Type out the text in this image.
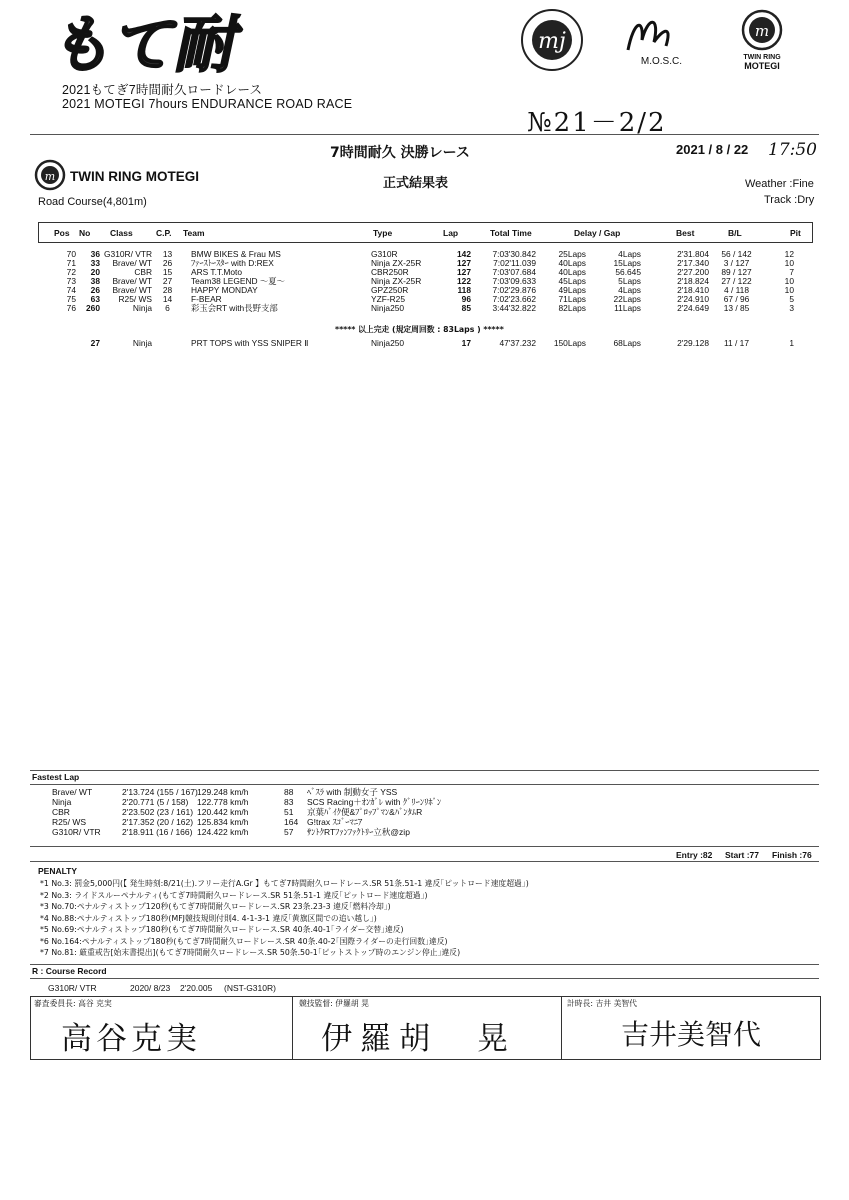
もて耐
2021もてぎ7時間耐久ロードレース
2021 MOTEGI 7hours ENDURANCE ROAD RACE
mj
M.O.S.C.
m
TWIN RING
MOTEGI
№21－2/2
7時間耐久 決勝レース	2021 / 8 / 22 17:50
m TWIN RING MOTEGI	正式結果表	Weather :Fine
Track :Dry
Road Course(4,801m)
Pos No Class	C.P. Team	Type	Lap	Total Time	Delay / Gap	Best	B/L	Pit
70	36	G310R/ VTR	13	BMW BIKES & Frau MS	G310R	142	7:03'30.842	25Laps	4Laps	2'31.804	56 / 142	12
71	33	Brave/ WT	26	ﾌｧｰｽﾄｰｽﾀｰ with D:REX	Ninja ZX-25R	127	7:02'11.039	40Laps	15Laps	2'17.340	3 / 127	10
72	20	CBR	15	ARS T.T.Moto	CBR250R	127	7:03'07.684	40Laps	56.645	2'27.200	89 / 127	7
73	38	Brave/ WT	27	Team38 LEGEND ～夏～	Ninja ZX-25R	122	7:03'09.633	45Laps	5Laps	2'18.824	27 / 122	10
74	26	Brave/ WT	28	HAPPY MONDAY	GPZ250R	118	7:02'29.876	49Laps	4Laps	2'18.410	4 / 118	10
75	63	R25/ WS	14	F-BEAR	YZF-R25	96	7:02'23.662	71Laps	22Laps	2'24.910	67 / 96	5
76	260	Ninja	6	彩玉会RT with長野支部	Ninja250	85	3:44'32.822	82Laps	11Laps	2'24.649	13 / 85	3
***** 以上完走 (規定周回数 : 83Laps ) *****
	27	Ninja		PRT TOPS with YSS SNIPER Ⅱ	Ninja250	17	47'37.232	150Laps	68Laps	2'29.128	11 / 17	1
Fastest Lap
Brave/ WT	2'13.724 (155 / 167) 129.248 km/h	88 ﾍﾞｽﾗ with 制動女子 YSS
Ninja	2'20.771 (5 / 158) 122.778 km/h	83 SCS Racing＋ｵﾝｶﾞﾚ with ｸﾞﾘｰﾝﾘﾎﾞﾝ
CBR	2'23.502 (23 / 161) 120.442 km/h	51 京葉ﾊﾞｲｸ便&ﾌﾟﾛｯﾌﾟﾏﾝ&ﾊﾞﾝﾀﾑR
R25/ WS	2'17.352 (20 / 162) 125.834 km/h	164 G!trax ｽｺﾞｰﾏﾆｱ
G310R/ VTR	2'18.911 (16 / 166) 124.422 km/h	57 ｻﾝﾄｸRTﾌｧﾝﾌｧｸﾄﾘｰ立秋@zip
Entry :82 Start :77 Finish :76
PENALTY
*1 No.3: 罰金5,000円(【 発生時刻:8/21(土).フリー走行A.Gr 】もてぎ7時間耐久ロードレース.SR 51条.51-1 違反｢ピットロード速度超過｣)
*2 No.3: ライドスルーペナルティ(もてぎ7時間耐久ロードレース.SR 51条.51-1 違反｢ピットロード速度超過｣)
*3 No.70:ペナルティストップ120秒(もてぎ7時間耐久ロードレース.SR 23条.23-3 違反｢燃料冷却｣)
*4 No.88:ペナルティストップ180秒(MFJ競技規則付則4. 4-1-3-1 違反｢黄旗区間での追い越し｣)
*5 No.69:ペナルティストップ180秒(もてぎ7時間耐久ロードレース.SR 40条.40-1｢ライダー交替｣違反)
*6 No.164:ペナルティストップ180秒(もてぎ7時間耐久ロードレース.SR 40条.40-2｢国際ライダーの走行回数｣違反)
*7 No.81: 厳重戒告[始末書提出](もてぎ7時間耐久ロードレース.SR 50条.50-1｢ピットストップ時のエンジン停止｣違反)
R : Course Record
G310R/ VTR	2020/ 8/23 2'20.005 (NST-G310R)
審査委員長: 高谷 克実	競技監督: 伊羅胡 晃	計時長: 吉井 美智代
高谷克実	伊羅胡　晃	吉井美智代
